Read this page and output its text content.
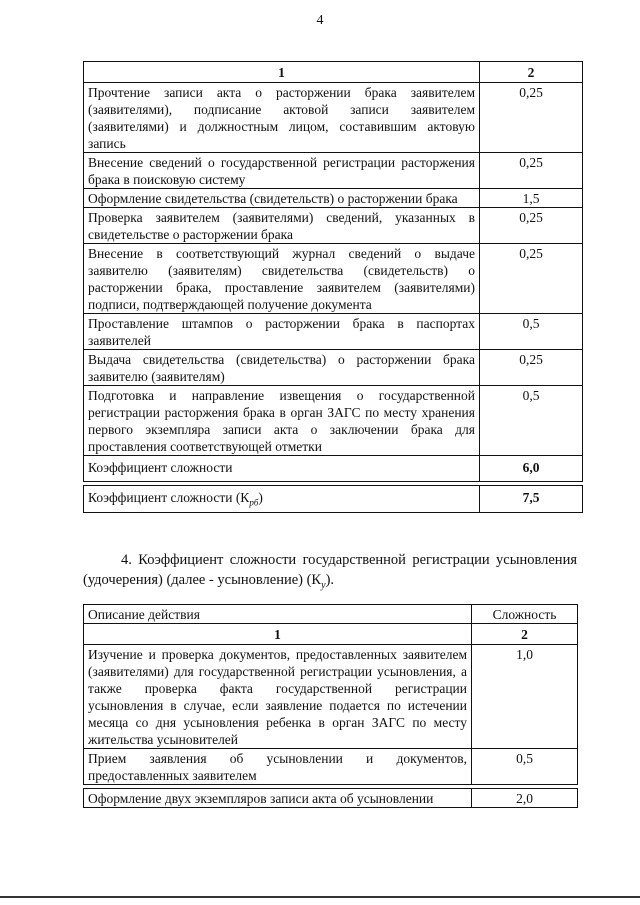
4
1	2
Прочтение записи акта о расторжении брака заявителем (заявителями), подписание актовой записи заявителем (заявителями) и должностным лицом, составившим актовую запись	0,25
Внесение сведений о государственной регистрации расторжения брака в поисковую систему	0,25
Оформление свидетельства (свидетельств) о расторжении брака	1,5
Проверка заявителем (заявителями) сведений, указанных в свидетельстве о расторжении брака	0,25
Внесение в соответствующий журнал сведений о выдаче заявителю (заявителям) свидетельства (свидетельств) о расторжении брака, проставление заявителем (заявителями) подписи, подтверждающей получение документа	0,25
Проставление штампов о расторжении брака в паспортах заявителей	0,5
Выдача свидетельства (свидетельства) о расторжении брака заявителю (заявителям)	0,25
Подготовка и направление извещения о государственной регистрации расторжения брака в орган ЗАГС по месту хранения первого экземпляра записи акта о заключении брака для проставления соответствующей отметки	0,5
Коэффициент сложности	6,0

Коэффициент сложности $(К_{рб})$	7,5
4. Коэффициент сложности государственной регистрации усыновления (удочерения) (далее - усыновление) $(К_у)$.
Описание действия	Сложность
1	2
Изучение и проверка документов, предоставленных заявителем (заявителями) для государственной регистрации усыновления, а также проверка факта государственной регистрации усыновления в случае, если заявление подается по истечении месяца со дня усыновления ребенка в орган ЗАГС по месту жительства усыновителей	1,0
Прием заявления об усыновлении и документов, предоставленных заявителем	0,5

Оформление двух экземпляров записи акта об усыновлении	2,0
